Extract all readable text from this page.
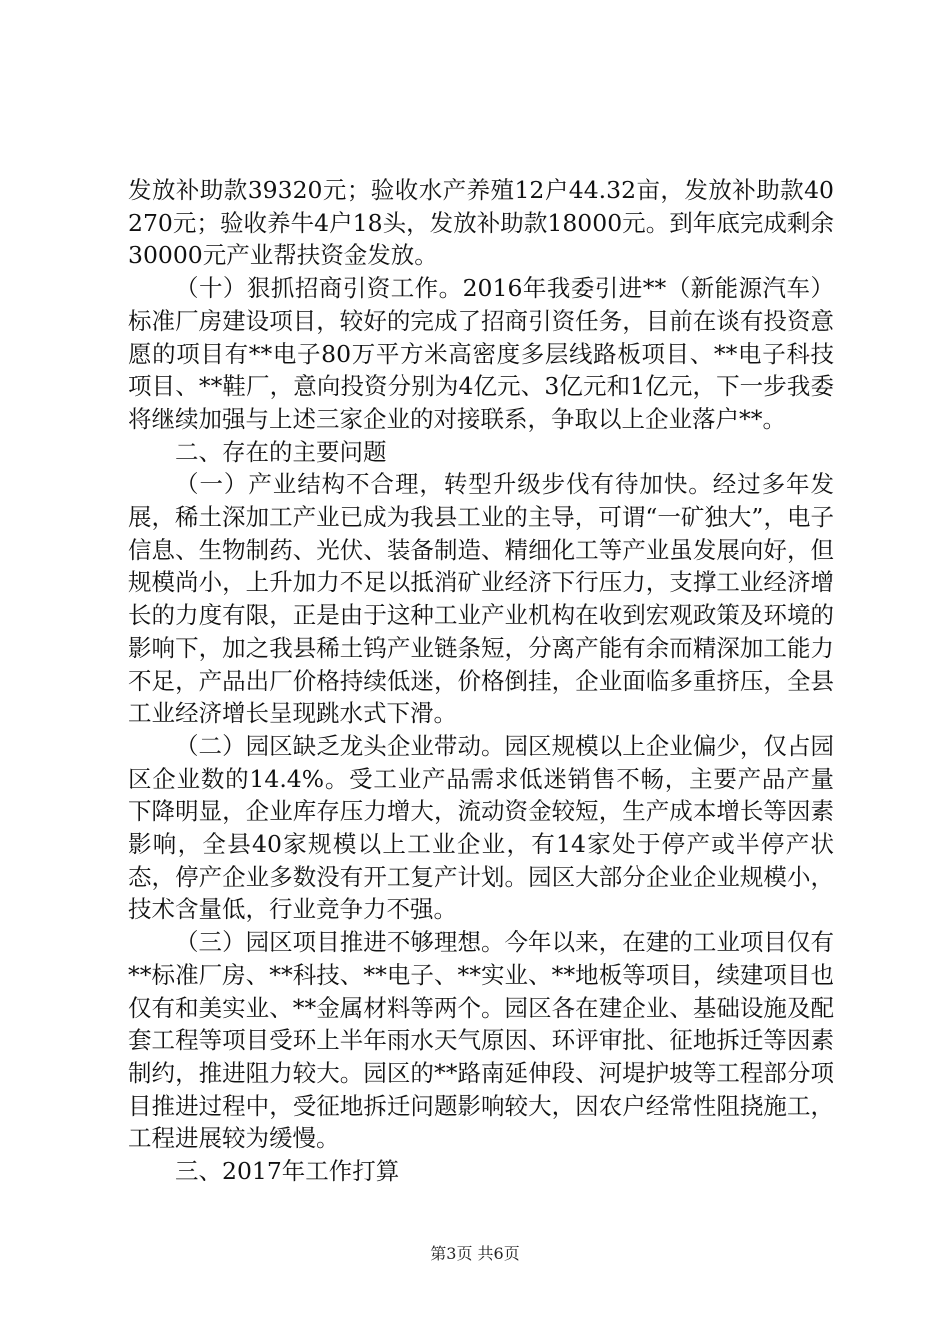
发放补助款39320元；验收水产养殖12户44.32亩，发放补助款40270元；验收养牛4户18头，发放补助款18000元。到年底完成剩余30000元产业帮扶资金发放。

（十）狠抓招商引资工作。2016年我委引进**（新能源汽车）标准厂房建设项目，较好的完成了招商引资任务，目前在谈有投资意愿的项目有**电子80万平方米高密度多层线路板项目、**电子科技项目、**鞋厂，意向投资分别为4亿元、3亿元和1亿元，下一步我委将继续加强与上述三家企业的对接联系，争取以上企业落户**。

二、存在的主要问题

（一）产业结构不合理，转型升级步伐有待加快。经过多年发展，稀土深加工产业已成为我县工业的主导，可谓“一矿独大”，电子信息、生物制药、光伏、装备制造、精细化工等产业虽发展向好，但规模尚小，上升加力不足以抵消矿业经济下行压力，支撑工业经济增长的力度有限，正是由于这种工业产业机构在收到宏观政策及环境的影响下，加之我县稀土钨产业链条短，分离产能有余而精深加工能力不足，产品出厂价格持续低迷，价格倒挂，企业面临多重挤压，全县工业经济增长呈现跳水式下滑。

（二）园区缺乏龙头企业带动。园区规模以上企业偏少，仅占园区企业数的14.4%。受工业产品需求低迷销售不畅，主要产品产量下降明显，企业库存压力增大，流动资金较短，生产成本增长等因素影响，全县40家规模以上工业企业，有14家处于停产或半停产状态，停产企业多数没有开工复产计划。园区大部分企业企业规模小，技术含量低，行业竞争力不强。

（三）园区项目推进不够理想。今年以来，在建的工业项目仅有**标准厂房、**科技、**电子、**实业、**地板等项目，续建项目也仅有和美实业、**金属材料等两个。园区各在建企业、基础设施及配套工程等项目受环上半年雨水天气原因、环评审批、征地拆迁等因素制约，推进阻力较大。园区的**路南延伸段、河堤护坡等工程部分项目推进过程中，受征地拆迁问题影响较大，因农户经常性阻挠施工，工程进展较为缓慢。

三、2017年工作打算

第3页 共6页
